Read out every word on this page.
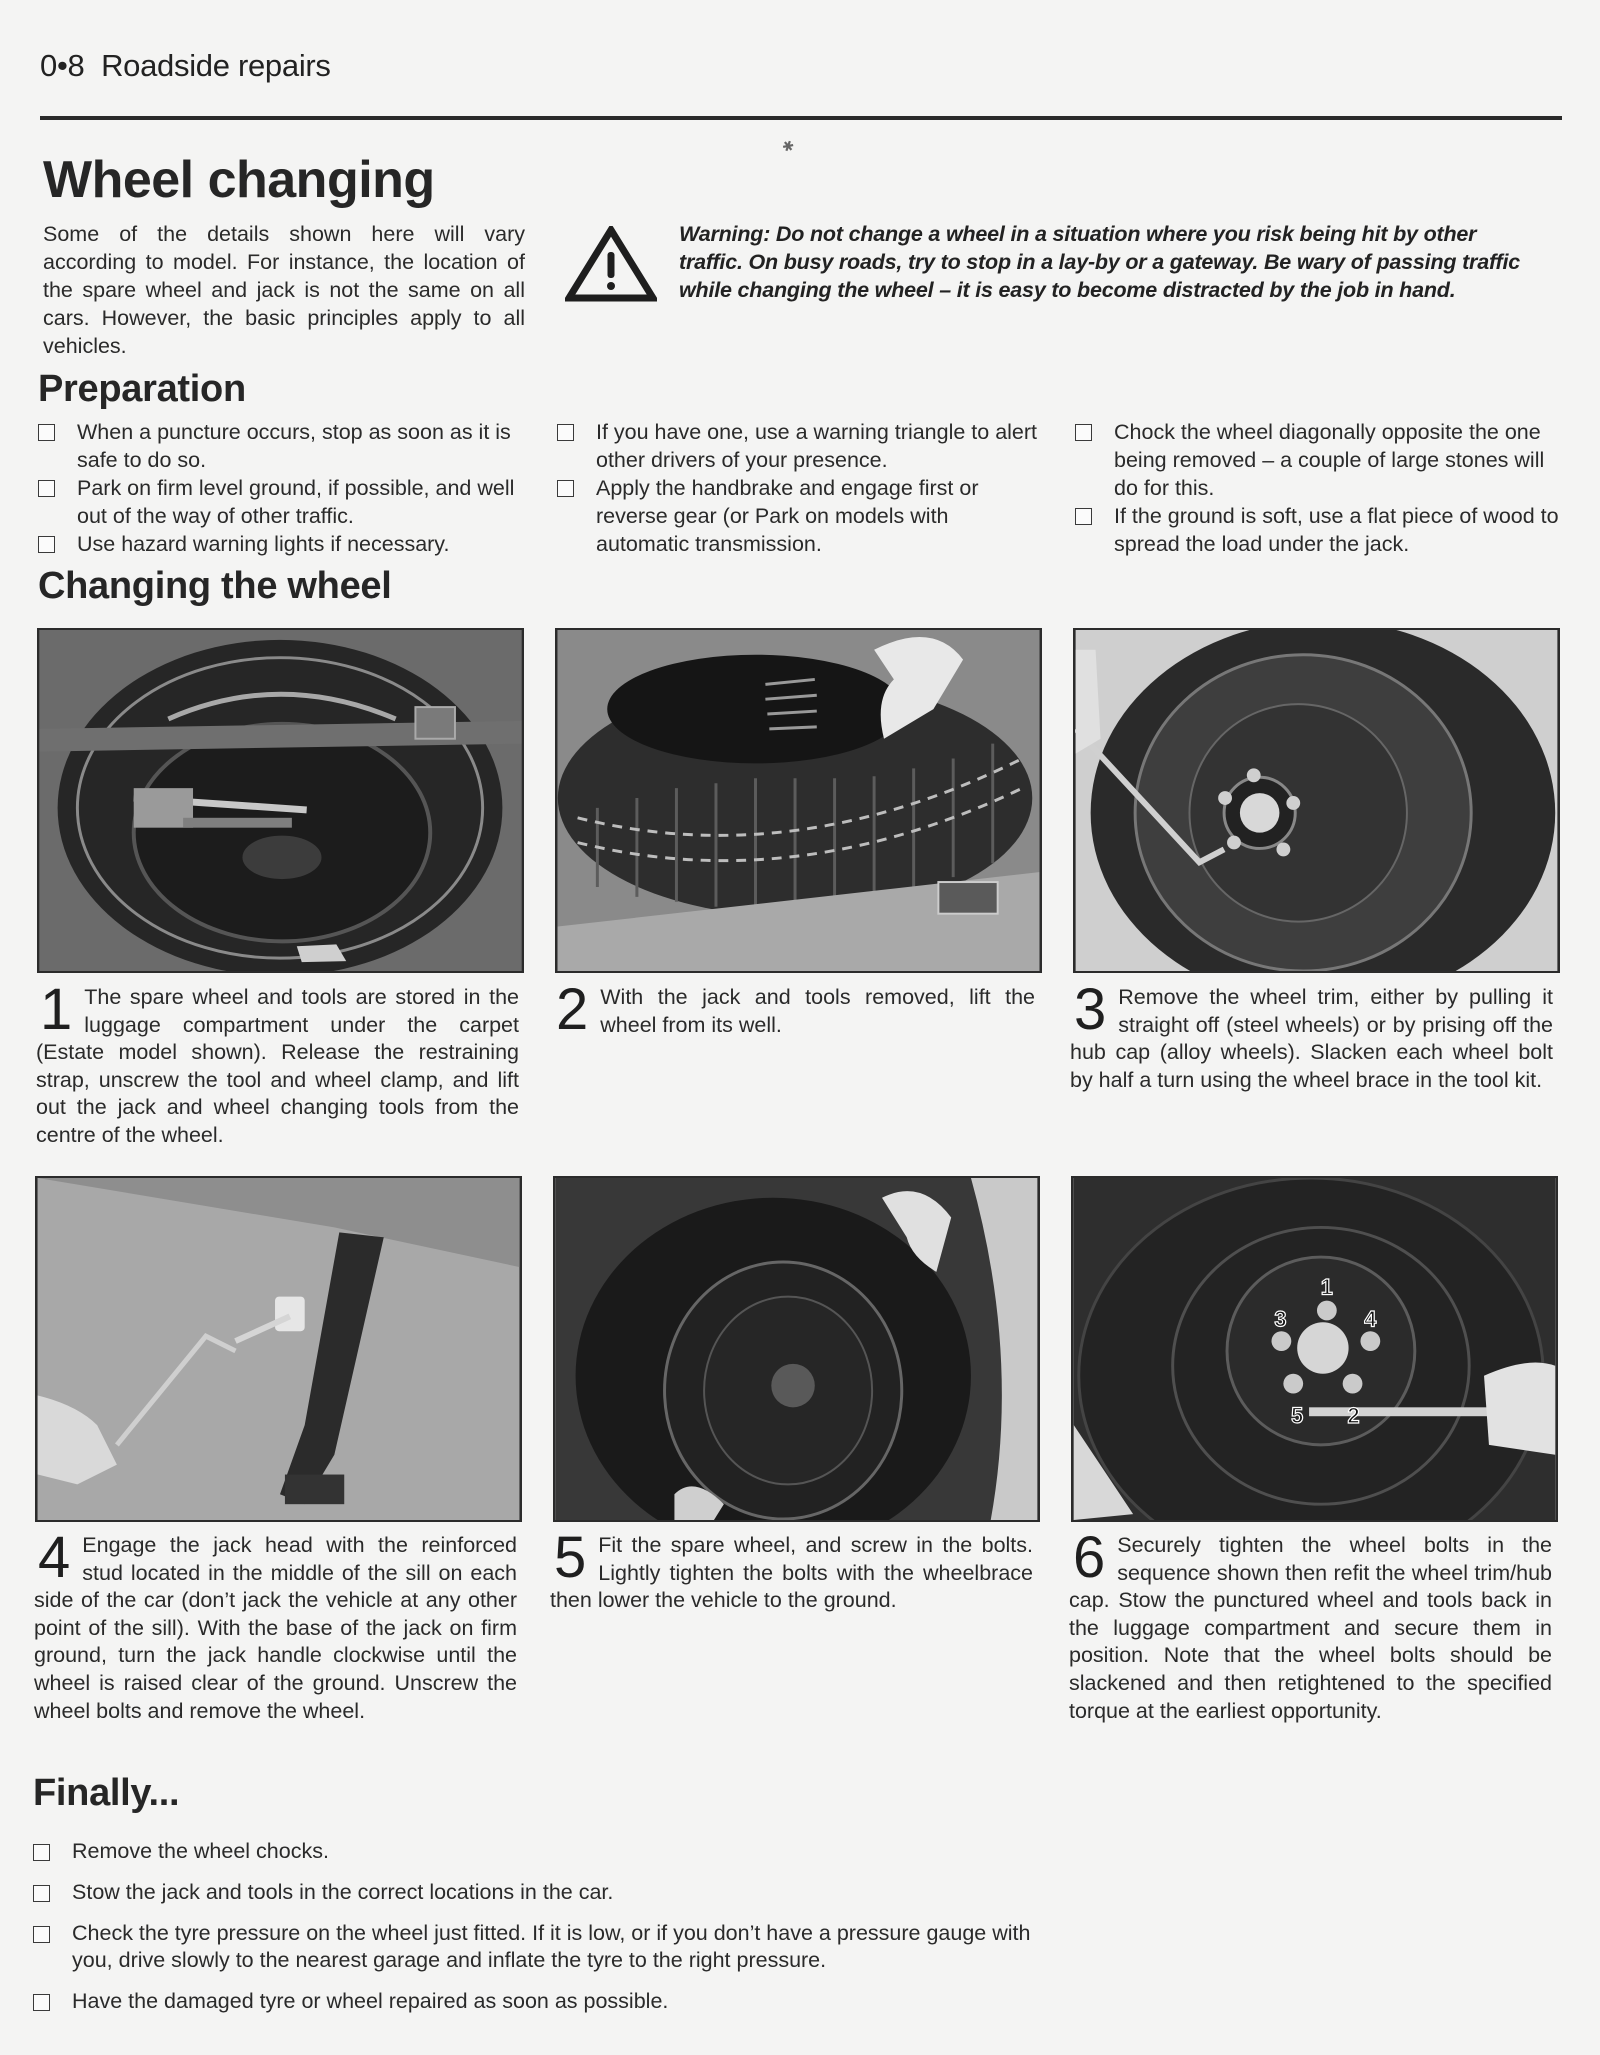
0•8 Roadside repairs
✱
Wheel changing

Some of the details shown here will vary according to model. For instance, the location of the spare wheel and jack is not the same on all cars. However, the basic principles apply to all vehicles.

Warning: Do not change a wheel in a situation where you risk being hit by other traffic. On busy roads, try to stop in a lay-by or a gateway. Be wary of passing traffic while changing the wheel – it is easy to become distracted by the job in hand.

Preparation
When a puncture occurs, stop as soon as it is safe to do so.
Park on firm level ground, if possible, and well out of the way of other traffic.
Use hazard warning lights if necessary.
If you have one, use a warning triangle to alert other drivers of your presence.
Apply the handbrake and engage first or reverse gear (or Park on models with automatic transmission.
Chock the wheel diagonally opposite the one being removed – a couple of large stones will do for this.
If the ground is soft, use a flat piece of wood to spread the load under the jack.
Changing the wheel
1 The spare wheel and tools are stored in the luggage compartment under the carpet (Estate model shown). Release the restraining strap, unscrew the tool and wheel clamp, and lift out the jack and wheel changing tools from the centre of the wheel.
2 With the jack and tools removed, lift the wheel from its well.	3 Remove the wheel trim, either by pulling it straight off (steel wheels) or by prising off the hub cap (alloy wheels). Slacken each wheel bolt by half a turn using the wheel brace in the tool kit.
1
2
3	4
5
4 Engage the jack head with the reinforced stud located in the middle of the sill on each side of the car (don’t jack the vehicle at any other point of the sill). With the base of the jack on firm ground, turn the jack handle clockwise until the wheel is raised clear of the ground. Unscrew the wheel bolts and remove the wheel.
5 Fit the spare wheel, and screw in the bolts. Lightly tighten the bolts with the wheelbrace then lower the vehicle to the ground.
6 Securely tighten the wheel bolts in the sequence shown then refit the wheel trim/hub cap. Stow the punctured wheel and tools back in the luggage compartment and secure them in position. Note that the wheel bolts should be slackened and then retightened to the specified torque at the earliest opportunity.
Finally...
Remove the wheel chocks.
Stow the jack and tools in the correct locations in the car.
Check the tyre pressure on the wheel just fitted. If it is low, or if you don’t have a pressure gauge with you, drive slowly to the nearest garage and inflate the tyre to the right pressure.
Have the damaged tyre or wheel repaired as soon as possible.
